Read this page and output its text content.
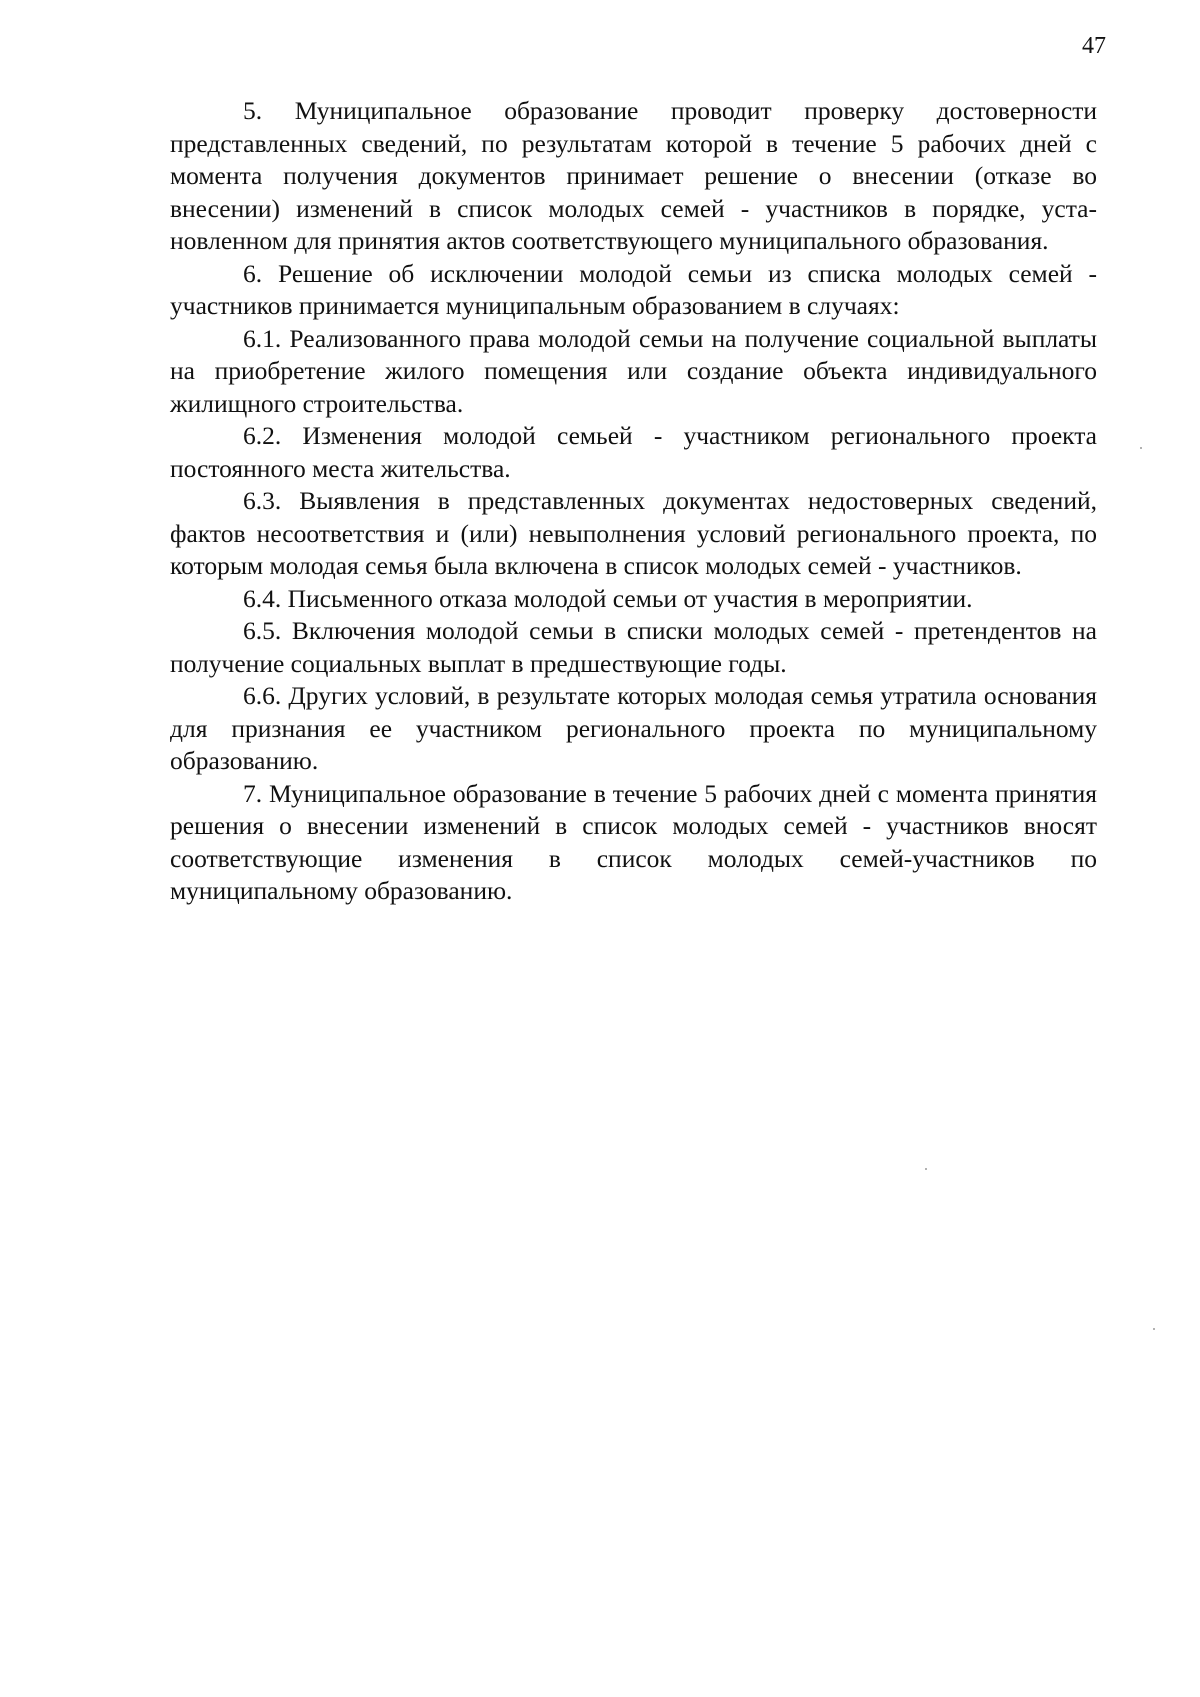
47

5. Муниципальное образование проводит проверку достоверности представленных сведений, по результатам которой в течение 5 рабочих дней с момента получения документов принимает решение о внесении (отказе во внесении) изменений в список молодых семей - участников в порядке, установленном для принятия актов соответствующего муниципального образования.

6. Решение об исключении молодой семьи из списка молодых семей - участников принимается муниципальным образованием в случаях:

6.1. Реализованного права молодой семьи на получение социальной выплаты на приобретение жилого помещения или создание объекта индивидуального жилищного строительства.

6.2. Изменения молодой семьей - участником регионального проекта постоянного места жительства.

6.3. Выявления в представленных документах недостоверных сведений, фактов несоответствия и (или) невыполнения условий регионального проекта, по которым молодая семья была включена в список молодых семей - участников.

6.4. Письменного отказа молодой семьи от участия в мероприятии.

6.5. Включения молодой семьи в списки молодых семей - претендентов на получение социальных выплат в предшествующие годы.

6.6. Других условий, в результате которых молодая семья утратила основания для признания ее участником регионального проекта по муниципальному образованию.

7. Муниципальное образование в течение 5 рабочих дней с момента принятия решения о внесении изменений в список молодых семей - участников вносят соответствующие изменения в список молодых семей-участников по муниципальному образованию.
